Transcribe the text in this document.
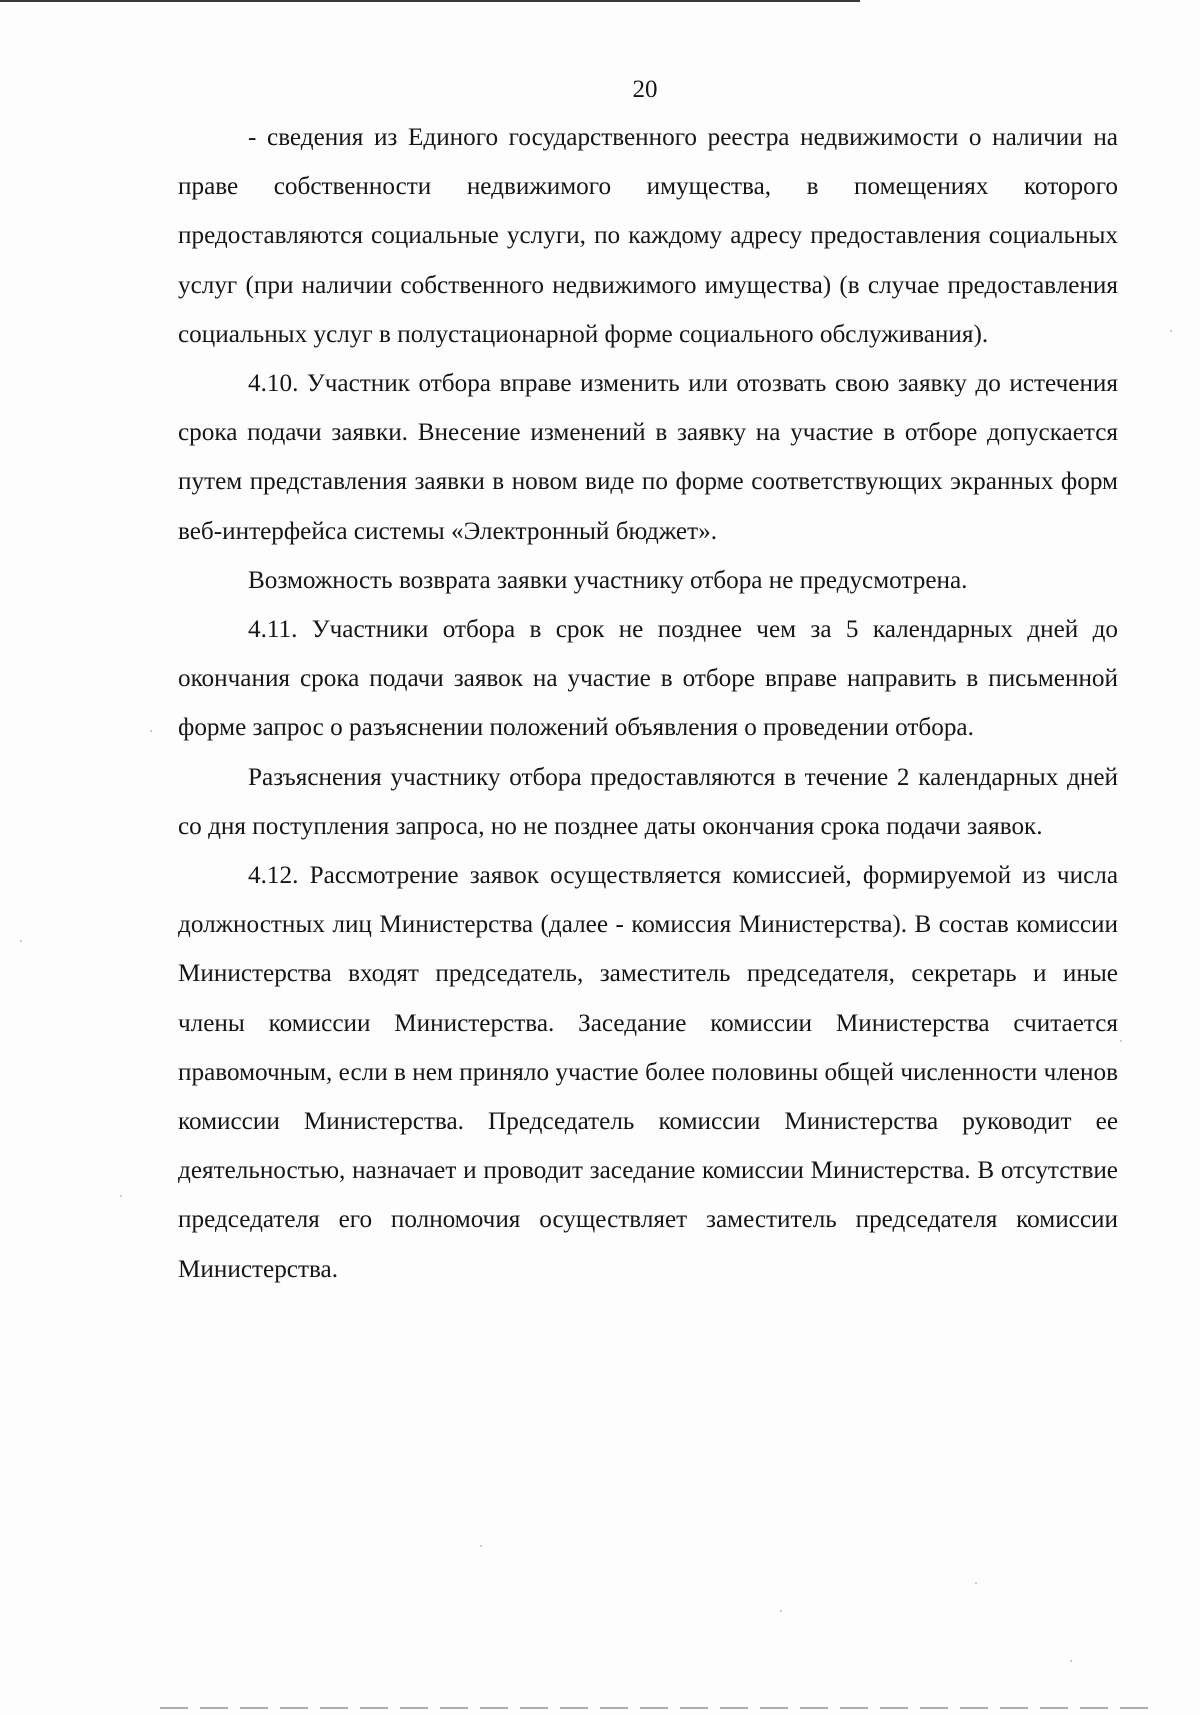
20

- сведения из Единого государственного реестра недвижимости о наличии на праве собственности недвижимого имущества, в помещениях которого предоставляются социальные услуги, по каждому адресу предоставления социальных услуг (при наличии собственного недвижимого имущества) (в случае предоставления социальных услуг в полустационарной форме социального обслуживания).

4.10. Участник отбора вправе изменить или отозвать свою заявку до истечения срока подачи заявки. Внесение изменений в заявку на участие в отборе допускается путем представления заявки в новом виде по форме соответствующих экранных форм веб-интерфейса системы «Электронный бюджет».

Возможность возврата заявки участнику отбора не предусмотрена.

4.11. Участники отбора в срок не позднее чем за 5 календарных дней до окончания срока подачи заявок на участие в отборе вправе направить в письменной форме запрос о разъяснении положений объявления о проведении отбора.

Разъяснения участнику отбора предоставляются в течение 2 календарных дней со дня поступления запроса, но не позднее даты окончания срока подачи заявок.

4.12. Рассмотрение заявок осуществляется комиссией, формируемой из числа должностных лиц Министерства (далее - комиссия Министерства). В состав комиссии Министерства входят председатель, заместитель председателя, секретарь и иные члены комиссии Министерства. Заседание комиссии Министерства считается правомочным, если в нем приняло участие более половины общей численности членов комиссии Министерства. Председатель комиссии Министерства руководит ее деятельностью, назначает и проводит заседание комиссии Министерства. В отсутствие председателя его полномочия осуществляет заместитель председателя комиссии Министерства.
